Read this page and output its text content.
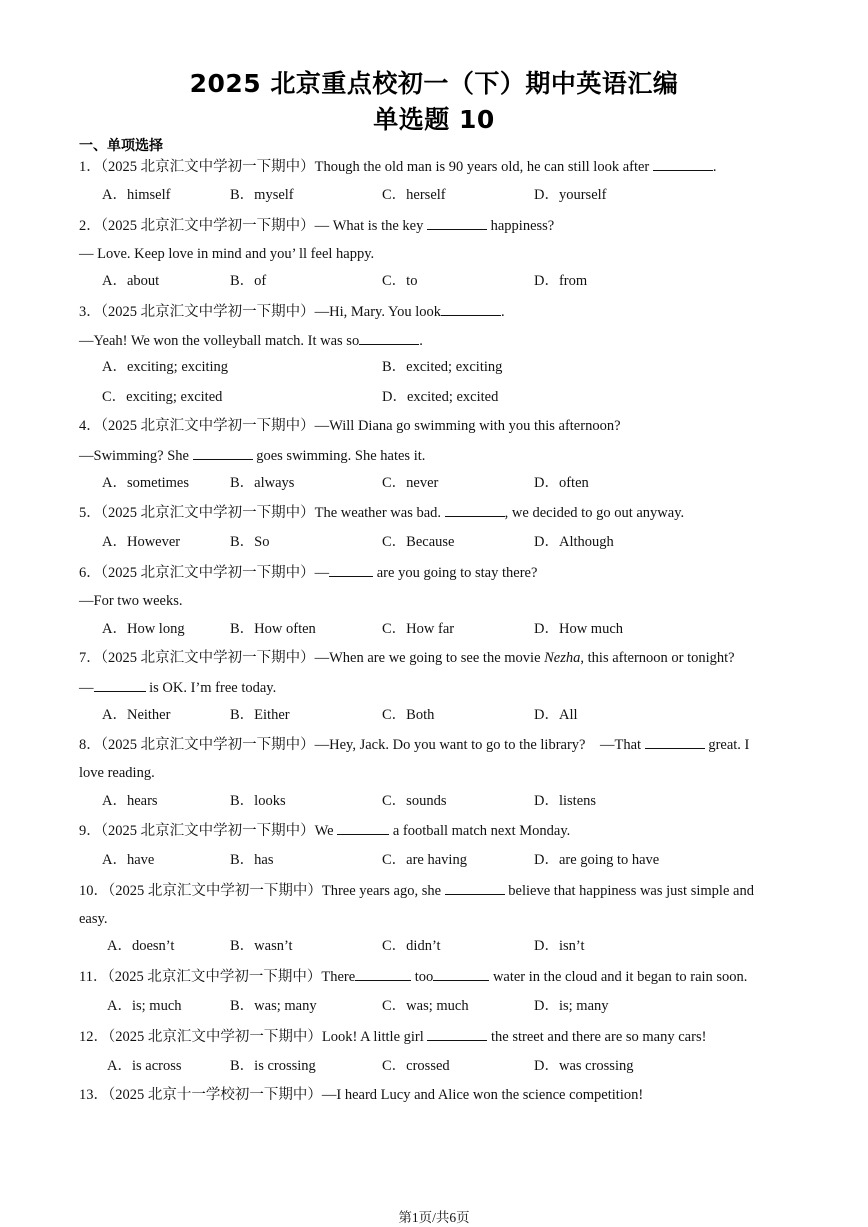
2025 北京重点校初一（下）期中英语汇编
单选题 10
一、单项选择
1．（2025 北京汇文中学初一下期中）Though the old man is 90 years old, he can still look after	.
A．himself	B．myself	C．herself	D．yourself
2．（2025 北京汇文中学初一下期中）— What is the key	happiness?
— Love. Keep love in mind and you’ ll feel happy.
A．about	B．of	C．to	D．from
3．（2025 北京汇文中学初一下期中）—Hi, Mary. You look	.
—Yeah! We won the volleyball match. It was so	.
A．exciting; exciting	B．excited; exciting
C．exciting; excited	D．excited; excited
4．（2025 北京汇文中学初一下期中）—Will Diana go swimming with you this afternoon?
—Swimming? She	goes swimming. She hates it.
A．sometimes	B．always	C．never	D．often
5．（2025 北京汇文中学初一下期中）The weather was bad.	, we decided to go out anyway.
A．However	B．So	C．Because	D．Although
6．（2025 北京汇文中学初一下期中）—	are you going to stay there?
—For two weeks.
A．How long	B．How often	C．How far	D．How much
7．（2025 北京汇文中学初一下期中）—When are we going to see the movie Nezha, this afternoon or tonight?
—	is OK. I’m free today.
A．Neither	B．Either	C．Both	D．All
8．（2025 北京汇文中学初一下期中）—Hey, Jack. Do you want to go to the library?　—That	great. I
love reading.
A．hears	B．looks	C．sounds	D．listens
9．（2025 北京汇文中学初一下期中）We	a football match next Monday.
A．have	B．has	C．are having	D．are going to have
10．（2025 北京汇文中学初一下期中）Three years ago, she	believe that happiness was just simple and
easy.
A．doesn’t	B．wasn’t	C．didn’t	D．isn’t
11．（2025 北京汇文中学初一下期中）There	too	water in the cloud and it began to rain soon.
A．is; much	B．was; many	C．was; much	D．is; many
12．（2025 北京汇文中学初一下期中）Look! A little girl	the street and there are so many cars!
A．is across	B．is crossing	C．crossed	D．was crossing
13．（2025 北京十一学校初一下期中）—I heard Lucy and Alice won the science competition!
第1页/共6页
